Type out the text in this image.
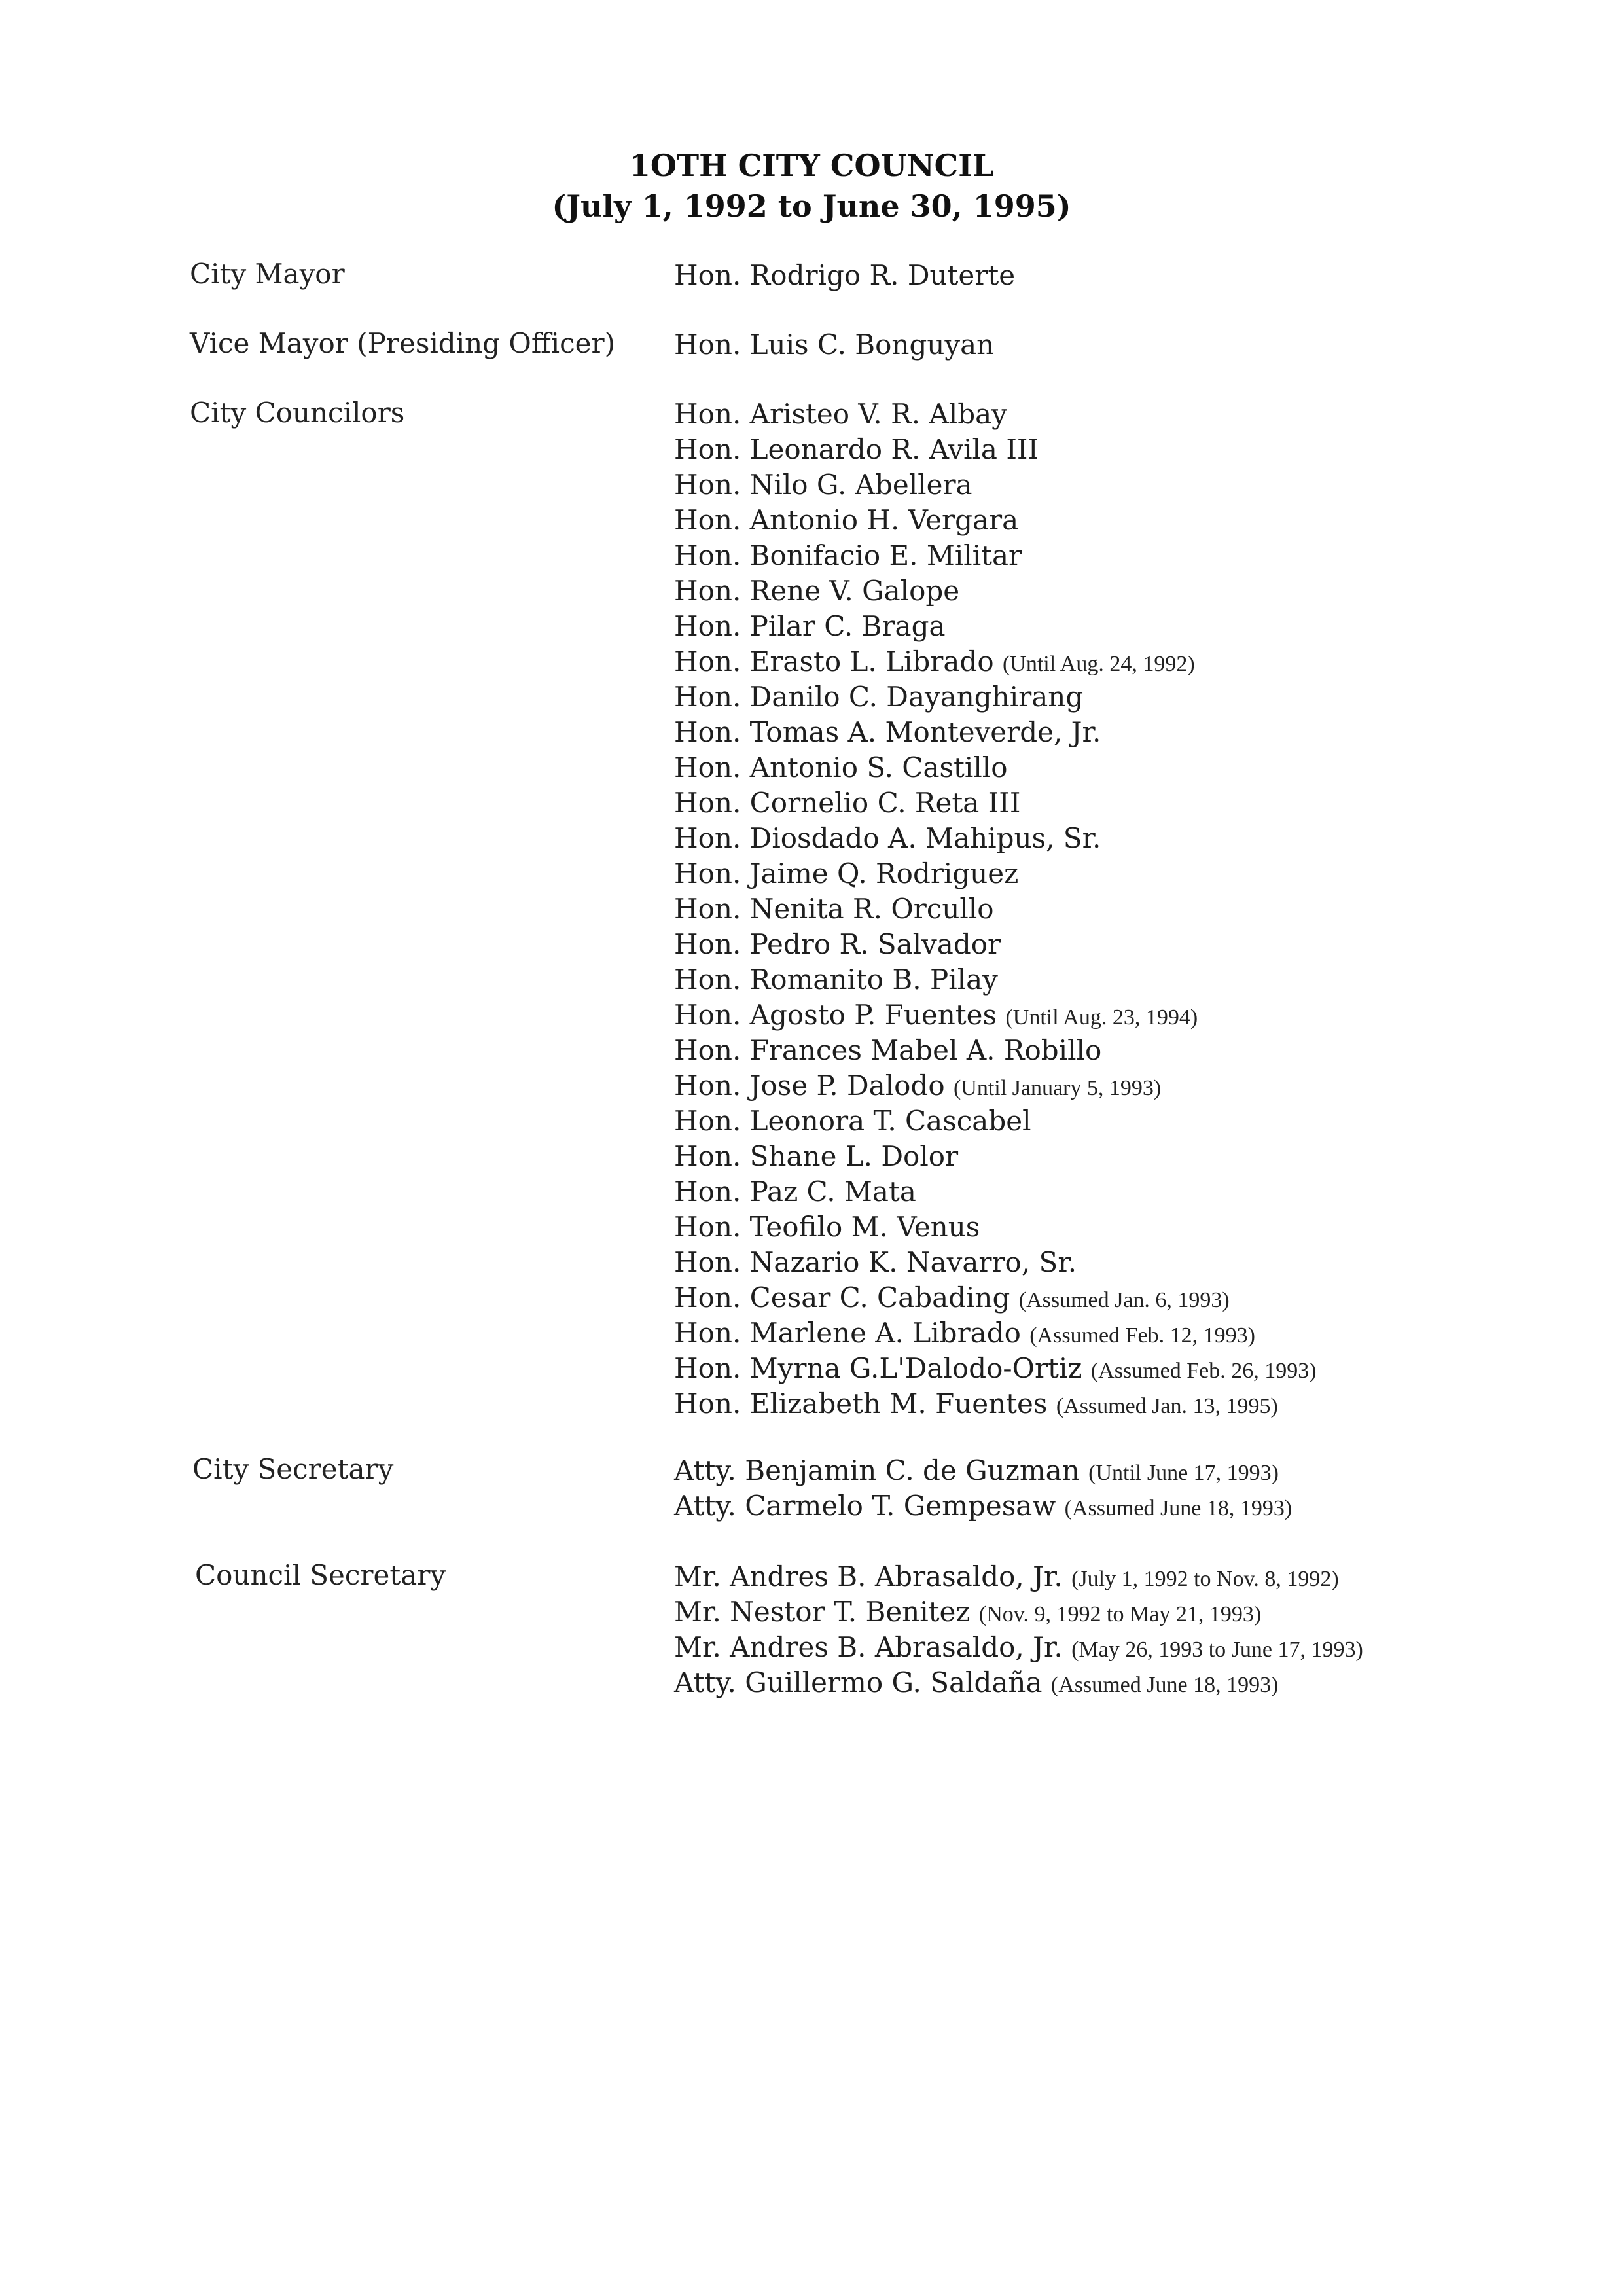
1OTH CITY COUNCIL
(July 1, 1992 to June 30, 1995)
City Mayor	Hon. Rodrigo R. Duterte
Vice Mayor (Presiding Officer) Hon. Luis C. Bonguyan
City Councilors	Hon. Aristeo V. R. Albay
Hon. Leonardo R. Avila III
Hon. Nilo G. Abellera
Hon. Antonio H. Vergara
Hon. Bonifacio E. Militar
Hon. Rene V. Galope
Hon. Pilar C. Braga
Hon. Erasto L. Librado (Until Aug. 24, 1992)
Hon. Danilo C. Dayanghirang
Hon. Tomas A. Monteverde, Jr.
Hon. Antonio S. Castillo
Hon. Cornelio C. Reta III
Hon. Diosdado A. Mahipus, Sr.
Hon. Jaime Q. Rodriguez
Hon. Nenita R. Orcullo
Hon. Pedro R. Salvador
Hon. Romanito B. Pilay
Hon. Agosto P. Fuentes (Until Aug. 23, 1994)
Hon. Frances Mabel A. Robillo
Hon. Jose P. Dalodo (Until January 5, 1993)
Hon. Leonora T. Cascabel
Hon. Shane L. Dolor
Hon. Paz C. Mata
Hon. Teofilo M. Venus
Hon. Nazario K. Navarro, Sr.
Hon. Cesar C. Cabading (Assumed Jan. 6, 1993)
Hon. Marlene A. Librado (Assumed Feb. 12, 1993)
Hon. Myrna G.L'Dalodo-Ortiz (Assumed Feb. 26, 1993)
Hon. Elizabeth M. Fuentes (Assumed Jan. 13, 1995)
City Secretary	Atty. Benjamin C. de Guzman (Until June 17, 1993)
Atty. Carmelo T. Gempesaw (Assumed June 18, 1993)
Council Secretary	Mr. Andres B. Abrasaldo, Jr. (July 1, 1992 to Nov. 8, 1992)
Mr. Nestor T. Benitez (Nov. 9, 1992 to May 21, 1993)
Mr. Andres B. Abrasaldo, Jr. (May 26, 1993 to June 17, 1993)
Atty. Guillermo G. Saldaña (Assumed June 18, 1993)
